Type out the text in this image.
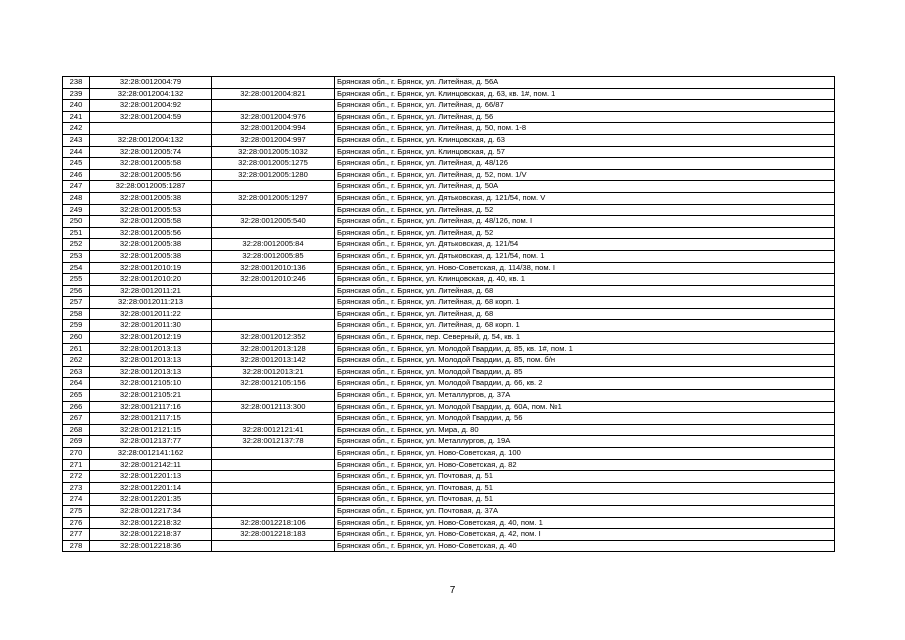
238	32:28:0012004:79		Брянская обл., г. Брянск, ул. Литейная, д. 56А
239	32:28:0012004:132	32:28:0012004:821	Брянская обл., г. Брянск, ул. Клинцовская, д. 63, кв. 1#, пом. 1
240	32:28:0012004:92		Брянская обл., г. Брянск, ул. Литейная, д. 66/87
241	32:28:0012004:59	32:28:0012004:976	Брянская обл., г. Брянск, ул. Литейная, д. 56
242		32:28:0012004:994	Брянская обл., г. Брянск, ул. Литейная, д. 50, пом. 1-8
243	32:28:0012004:132	32:28:0012004:997	Брянская обл., г. Брянск, ул. Клинцовская, д. 63
244	32:28:0012005:74	32:28:0012005:1032	Брянская обл., г. Брянск, ул. Клинцовская, д. 57
245	32:28:0012005:58	32:28:0012005:1275	Брянская обл., г. Брянск, ул. Литейная, д. 48/126
246	32:28:0012005:56	32:28:0012005:1280	Брянская обл., г. Брянск, ул. Литейная, д. 52, пом. 1/V
247	32:28:0012005:1287		Брянская обл., г. Брянск, ул. Литейная, д. 50А
248	32:28:0012005:38	32:28:0012005:1297	Брянская обл., г. Брянск, ул. Дятьковская, д. 121/54, пом. V
249	32:28:0012005:53		Брянская обл., г. Брянск, ул. Литейная, д. 52
250	32:28:0012005:58	32:28:0012005:540	Брянская обл., г. Брянск, ул. Литейная, д. 48/126, пом. I
251	32:28:0012005:56		Брянская обл., г. Брянск, ул. Литейная, д. 52
252	32:28:0012005:38	32:28:0012005:84	Брянская обл., г. Брянск, ул. Дятьковская, д. 121/54
253	32:28:0012005:38	32:28:0012005:85	Брянская обл., г. Брянск, ул. Дятьковская, д. 121/54, пом. 1
254	32:28:0012010:19	32:28:0012010:136	Брянская обл., г. Брянск, ул. Ново-Советская, д. 114/38, пом. I
255	32:28:0012010:20	32:28:0012010:246	Брянская обл., г. Брянск, ул. Клинцовская, д. 40, кв. 1
256	32:28:0012011:21		Брянская обл., г. Брянск, ул. Литейная, д. 68
257	32:28:0012011:213		Брянская обл., г. Брянск, ул. Литейная, д. 68 корп. 1
258	32:28:0012011:22		Брянская обл., г. Брянск, ул. Литейная, д. 68
259	32:28:0012011:30		Брянская обл., г. Брянск, ул. Литейная, д. 68 корп. 1
260	32:28:0012012:19	32:28:0012012:352	Брянская обл., г. Брянск, пер. Северный, д. 54, кв. 1
261	32:28:0012013:13	32:28:0012013:128	Брянская обл., г. Брянск, ул. Молодой Гвардии, д. 85, кв. 1#, пом. 1
262	32:28:0012013:13	32:28:0012013:142	Брянская обл., г. Брянск, ул. Молодой Гвардии, д. 85, пом. б/н
263	32:28:0012013:13	32:28:0012013:21	Брянская обл., г. Брянск, ул. Молодой Гвардии, д. 85
264	32:28:0012105:10	32:28:0012105:156	Брянская обл., г. Брянск, ул. Молодой Гвардии, д. 66, кв. 2
265	32:28:0012105:21		Брянская обл., г. Брянск, ул. Металлургов, д. 37А
266	32:28:0012117:16	32:28:0012113:300	Брянская обл., г. Брянск, ул. Молодой Гвардии, д. 60А, пом. №1
267	32:28:0012117:15		Брянская обл., г. Брянск, ул. Молодой Гвардии, д. 56
268	32:28:0012121:15	32:28:0012121:41	Брянская обл., г. Брянск, ул. Мира, д. 80
269	32:28:0012137:77	32:28:0012137:78	Брянская обл., г. Брянск, ул. Металлургов, д. 19А
270	32:28:0012141:162		Брянская обл., г. Брянск, ул. Ново-Советская, д. 100
271	32:28:0012142:11		Брянская обл., г. Брянск, ул. Ново-Советская, д. 82
272	32:28:0012201:13		Брянская обл., г. Брянск, ул. Почтовая, д. 51
273	32:28:0012201:14		Брянская обл., г. Брянск, ул. Почтовая, д. 51
274	32:28:0012201:35		Брянская обл., г. Брянск, ул. Почтовая, д. 51
275	32:28:0012217:34		Брянская обл., г. Брянск, ул. Почтовая, д. 37А
276	32:28:0012218:32	32:28:0012218:106	Брянская обл., г. Брянск, ул. Ново-Советская, д. 40, пом. 1
277	32:28:0012218:37	32:28:0012218:183	Брянская обл., г. Брянск, ул. Ново-Советская, д. 42, пом. I
278	32:28:0012218:36		Брянская обл., г. Брянск, ул. Ново-Советская, д. 40
7
